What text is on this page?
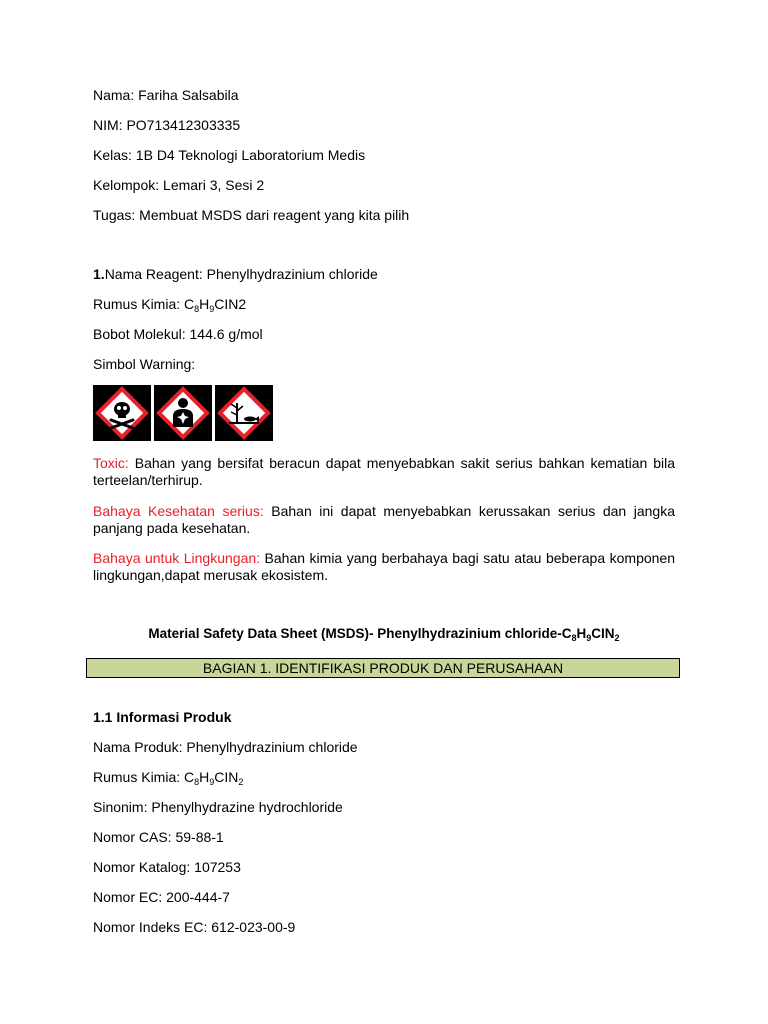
Nama: Fariha Salsabila
NIM: PO713412303335
Kelas: 1B D4 Teknologi Laboratorium Medis
Kelompok: Lemari 3, Sesi 2
Tugas: Membuat MSDS dari reagent yang kita pilih
1.Nama Reagent: Phenylhydrazinium chloride
Rumus Kimia: $C_8H_9CIN2$
Bobot Molekul: 144.6 g/mol
Simbol Warning:
Toxic: Bahan yang bersifat beracun dapat menyebabkan sakit serius bahkan kematian bila terteelan/terhirup.
Bahaya Kesehatan serius: Bahan ini dapat menyebabkan kerussakan serius dan jangka panjang pada kesehatan.
Bahaya untuk Lingkungan: Bahan kimia yang berbahaya bagi satu atau beberapa komponen lingkungan,dapat merusak ekosistem.
Material Safety Data Sheet (MSDS)- Phenylhydrazinium chloride-$C_8H_9CIN_2$
BAGIAN 1. IDENTIFIKASI PRODUK DAN PERUSAHAAN
1.1 Informasi Produk
Nama Produk: Phenylhydrazinium chloride
Rumus Kimia: $C_8H_9CIN_2$
Sinonim: Phenylhydrazine hydrochloride
Nomor CAS: 59-88-1
Nomor Katalog: 107253
Nomor EC: 200-444-7
Nomor Indeks EC: 612-023-00-9
